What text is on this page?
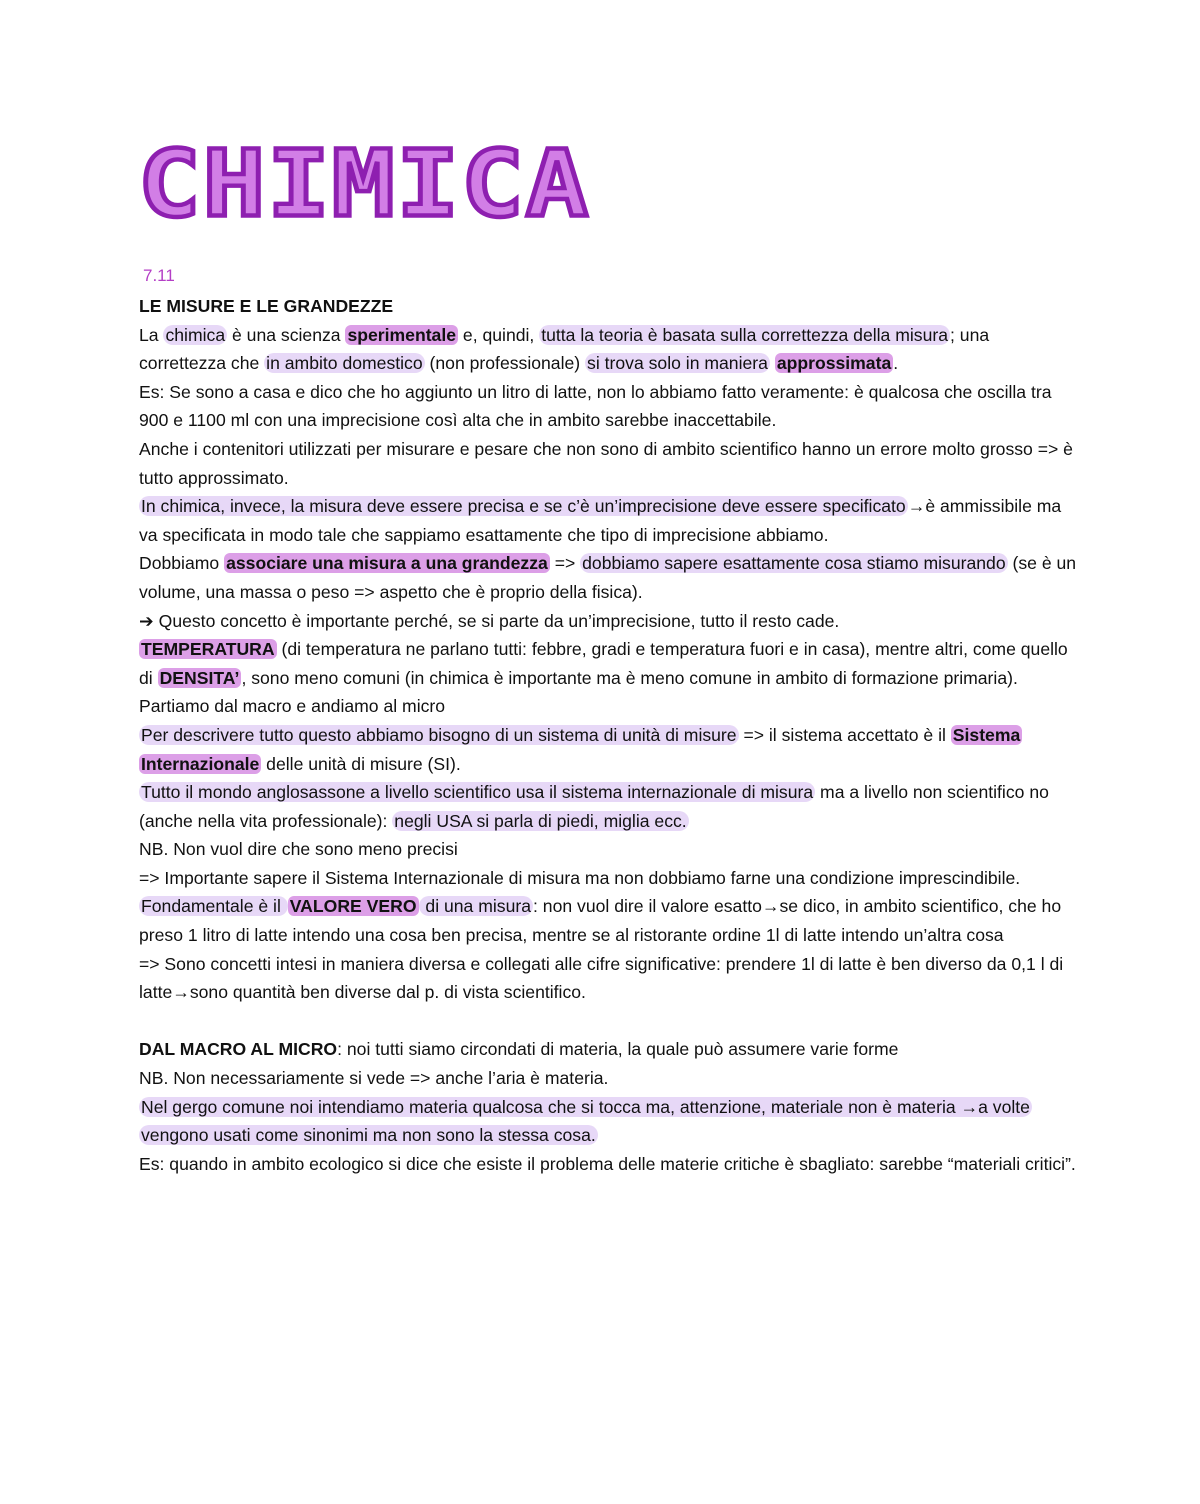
CHIMICA
7.11

LE MISURE E LE GRANDEZZE

La chimica è una scienza sperimentale e, quindi, tutta la teoria è basata sulla correttezza della misura ; una correttezza che in ambito domestico (non professionale) si trova solo in maniera approssimata .

Es: Se sono a casa e dico che ho aggiunto un litro di latte, non lo abbiamo fatto veramente: è qualcosa che oscilla tra 900 e 1100 ml con una imprecisione così alta che in ambito sarebbe inaccettabile.

Anche i contenitori utilizzati per misurare e pesare che non sono di ambito scientifico hanno un errore molto grosso => è tutto approssimato.

In chimica, invece, la misura deve essere precisa e se c’è un’imprecisione deve essere specificato →è ammissibile ma va specificata in modo tale che sappiamo esattamente che tipo di imprecisione abbiamo.

Dobbiamo associare una misura a una grandezza => dobbiamo sapere esattamente cosa stiamo misurando (se è un volume, una massa o peso => aspetto che è proprio della fisica).

➔ Questo concetto è importante perché, se si parte da un’imprecisione, tutto il resto cade.

TEMPERATURA (di temperatura ne parlano tutti: febbre, gradi e temperatura fuori e in casa), mentre altri, come quello di DENSITA’ , sono meno comuni (in chimica è importante ma è meno comune in ambito di formazione primaria).

Partiamo dal macro e andiamo al micro

Per descrivere tutto questo abbiamo bisogno di un sistema di unità di misure => il sistema accettato è il Sistema Internazionale delle unità di misure (SI).

Tutto il mondo anglosassone a livello scientifico usa il sistema internazionale di misura ma a livello non scientifico no (anche nella vita professionale): negli USA si parla di piedi, miglia ecc.

NB. Non vuol dire che sono meno precisi

=> Importante sapere il Sistema Internazionale di misura ma non dobbiamo farne una condizione imprescindibile.

Fondamentale è il VALORE VERO di una misura : non vuol dire il valore esatto→se dico, in ambito scientifico, che ho preso 1 litro di latte intendo una cosa ben precisa, mentre se al ristorante ordine 1l di latte intendo un’altra cosa

=> Sono concetti intesi in maniera diversa e collegati alle cifre significative: prendere 1l di latte è ben diverso da 0,1 l di latte→sono quantità ben diverse dal p. di vista scientifico.

DAL MACRO AL MICRO: noi tutti siamo circondati di materia, la quale può assumere varie forme

NB. Non necessariamente si vede => anche l’aria è materia.

Nel gergo comune noi intendiamo materia qualcosa che si tocca ma, attenzione, materiale non è materia →a volte vengono usati come sinonimi ma non sono la stessa cosa.

Es: quando in ambito ecologico si dice che esiste il problema delle materie critiche è sbagliato: sarebbe “materiali critici”.
